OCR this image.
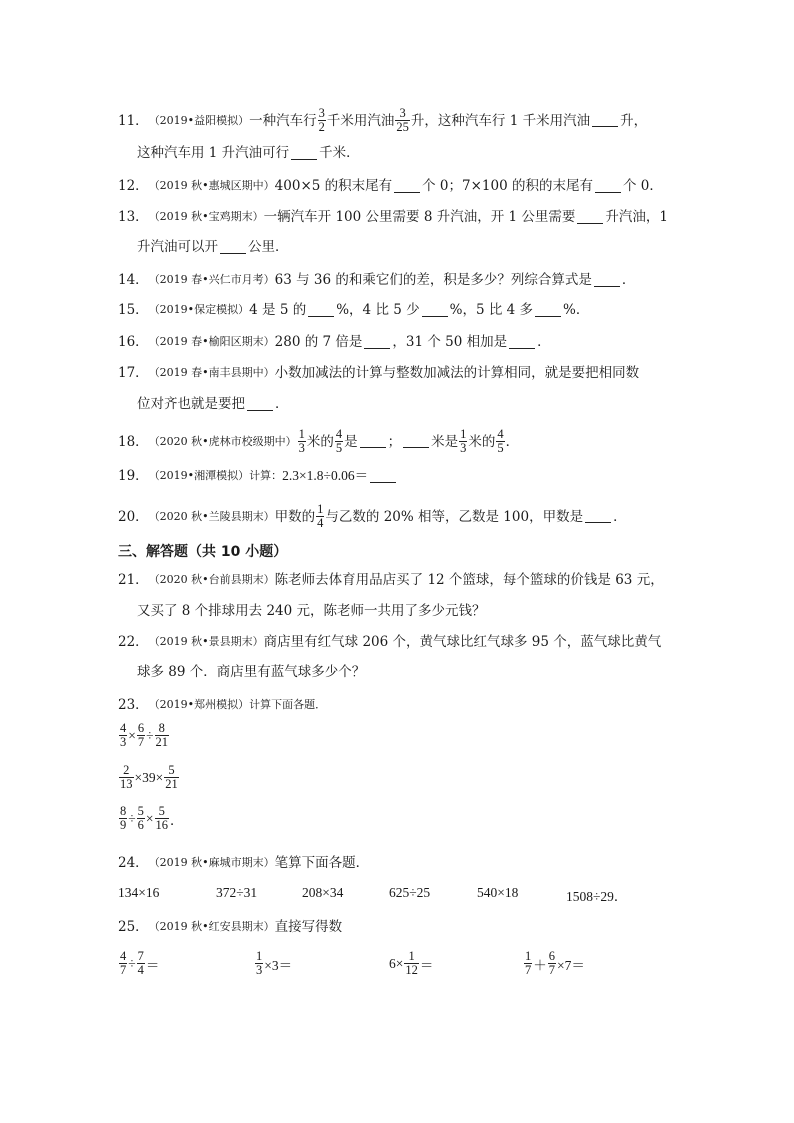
11． （2019•益阳模拟） 一种汽车行 $\frac{3}{2}$ 千米用汽油 $\frac{3}{25}$ 升，这种汽车行 1 千米用汽油 升，
这种汽车用 1 升汽油可行 千米．
12． （2019 秋•惠城区期中） 400×5 的积末尾有 个 0；7×100 的积的末尾有 个 0．
13． （2019 秋•宝鸡期末） 一辆汽车开 100 公里需要 8 升汽油，开 1 公里需要 升汽油，1
升汽油可以开 公里．
14． （2019 春•兴仁市月考） 63 与 36 的和乘它们的差，积是多少？列综合算式是 ．
15． （2019•保定模拟） 4 是 5 的 %，4 比 5 少 %，5 比 4 多 %．
16． （2019 春•榆阳区期末） 280 的 7 倍是 ，31 个 50 相加是 ．
17． （2019 春•南丰县期中） 小数加减法的计算与整数加减法的计算相同，就是要把相同数
位对齐也就是要把 ．
18． （2020 秋•虎林市校级期中） $\frac{1}{3}$ 米的 $\frac{4}{5}$ 是 ； 米是 $\frac{1}{3}$ 米的 $\frac{4}{5}$ ．
19． （2019•湘潭模拟） 计算： 2.3×1.8÷0.06＝
20． （2020 秋•兰陵县期末） 甲数的 $\frac{1}{4}$ 与乙数的 20% 相等，乙数是 100，甲数是 ．
三、解答题（共 10 小题）
21． （2020 秋•台前县期末） 陈老师去体育用品店买了 12 个篮球，每个篮球的价钱是 63 元，
又买了 8 个排球用去 240 元，陈老师一共用了多少元钱？
22． （2019 秋•景县期末） 商店里有红气球 206 个，黄气球比红气球多 95 个，蓝气球比黄气
球多 89 个．商店里有蓝气球多少个？
23． （2019•郑州模拟） 计算下面各题．
$\frac{4}{3} \times \frac{6}{7} \div \frac{8}{21}$
$\frac{2}{13} \times 39\times \frac{5}{21}$
$\frac{8}{9} \div \frac{5}{6} \times \frac{5}{16}$ ．
24． （2019 秋•麻城市期末） 笔算下面各题．
134×16	372÷31	208×34	625÷25	540×18	1508÷29．
25． （2019 秋•红安县期末） 直接写得数
$\frac{4}{7} \div \frac{7}{4}$ ＝	$\frac{1}{3} \times 3=$	$6\times \frac{1}{12}$ ＝	$\frac{1}{7} + \frac{6}{7} \times 7=$
